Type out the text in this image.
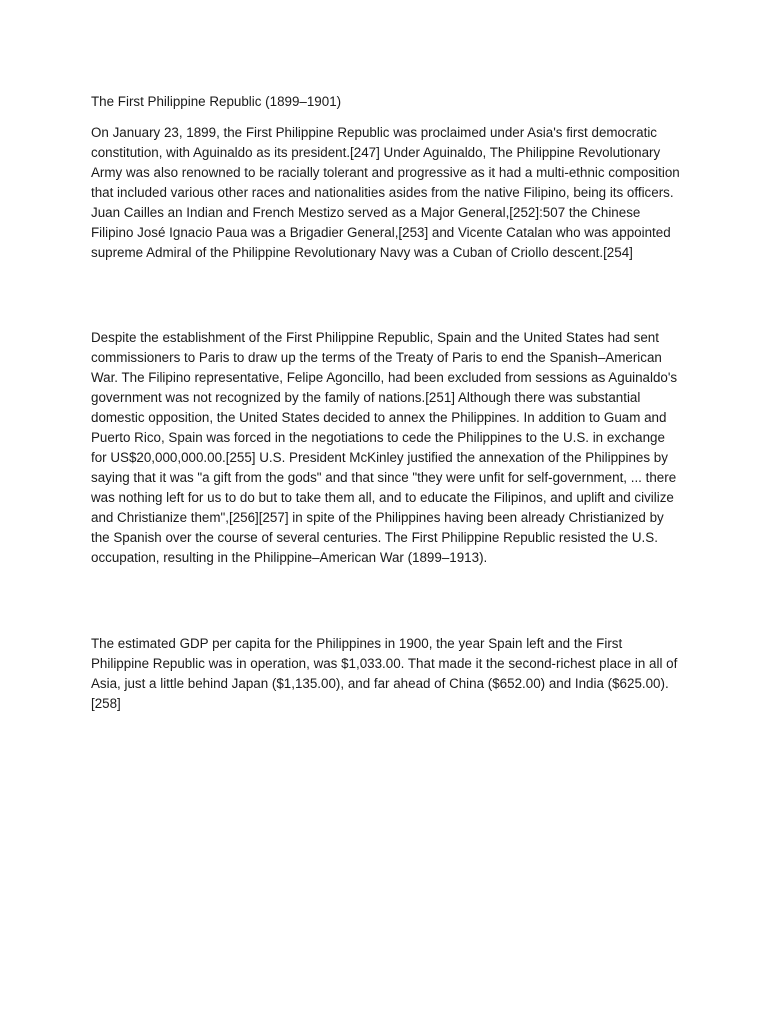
The First Philippine Republic (1899–1901)

On January 23, 1899, the First Philippine Republic was proclaimed under Asia's first democratic constitution, with Aguinaldo as its president.[247] Under Aguinaldo, The Philippine Revolutionary Army was also renowned to be racially tolerant and progressive as it had a multi-ethnic composition that included various other races and nationalities asides from the native Filipino, being its officers. Juan Cailles an Indian and French Mestizo served as a Major General,[252]:507 the Chinese Filipino José Ignacio Paua was a Brigadier General,[253] and Vicente Catalan who was appointed supreme Admiral of the Philippine Revolutionary Navy was a Cuban of Criollo descent.[254]

Despite the establishment of the First Philippine Republic, Spain and the United States had sent commissioners to Paris to draw up the terms of the Treaty of Paris to end the Spanish–American War. The Filipino representative, Felipe Agoncillo, had been excluded from sessions as Aguinaldo's government was not recognized by the family of nations.[251] Although there was substantial domestic opposition, the United States decided to annex the Philippines. In addition to Guam and Puerto Rico, Spain was forced in the negotiations to cede the Philippines to the U.S. in exchange for US$20,000,000.00.[255] U.S. President McKinley justified the annexation of the Philippines by saying that it was "a gift from the gods" and that since "they were unfit for self-government, ... there was nothing left for us to do but to take them all, and to educate the Filipinos, and uplift and civilize and Christianize them",[256][257] in spite of the Philippines having been already Christianized by the Spanish over the course of several centuries. The First Philippine Republic resisted the U.S. occupation, resulting in the Philippine–American War (1899–1913).

The estimated GDP per capita for the Philippines in 1900, the year Spain left and the First Philippine Republic was in operation, was $1,033.00. That made it the second-richest place in all of Asia, just a little behind Japan ($1,135.00), and far ahead of China ($652.00) and India ($625.00).[258]
